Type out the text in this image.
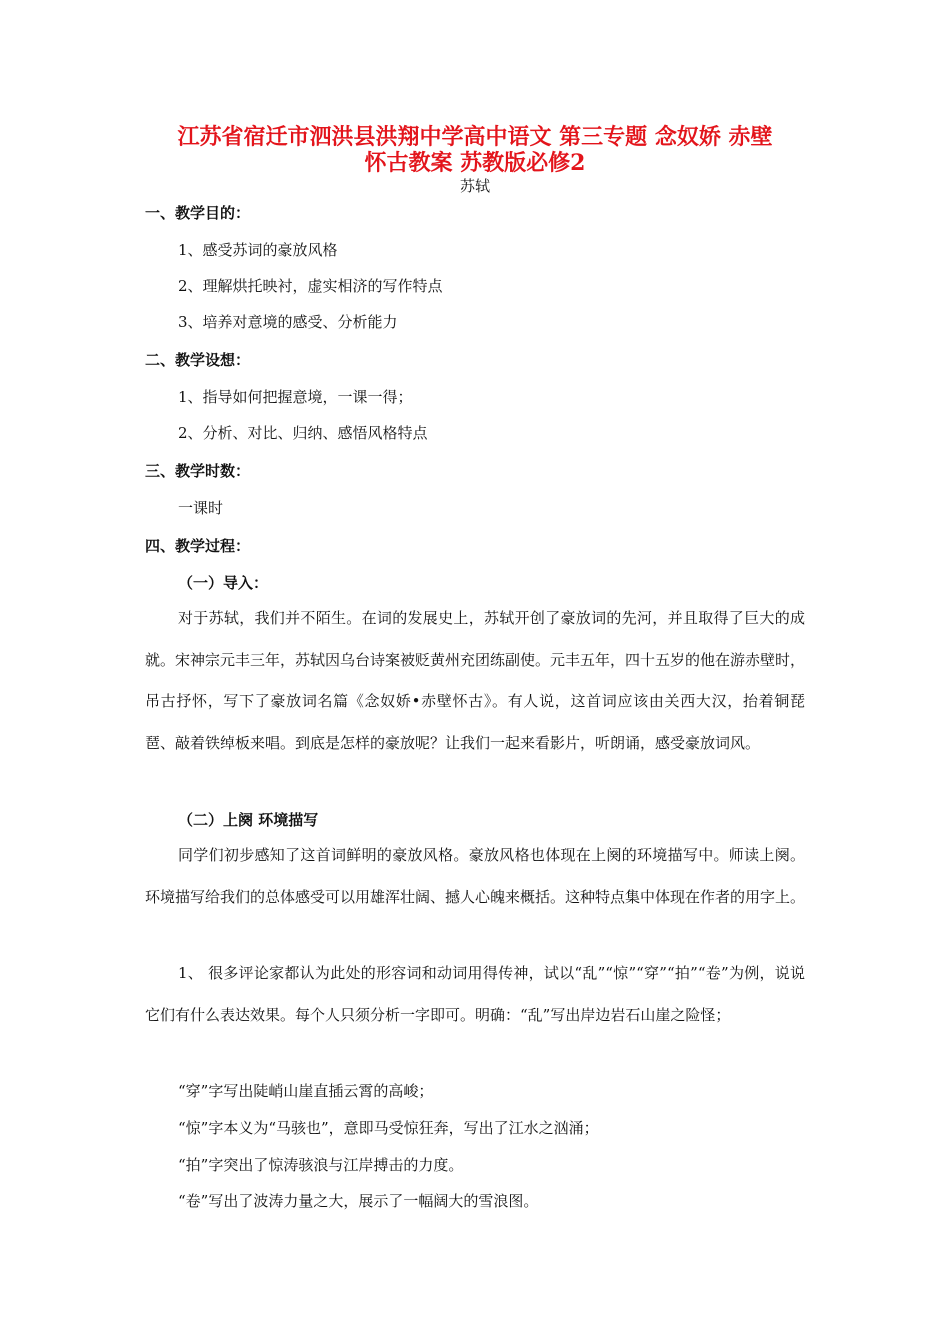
江苏省宿迁市泗洪县洪翔中学高中语文 第三专题 念奴娇 赤壁
怀古教案 苏教版必修2
苏轼
一、教学目的：
1、感受苏词的豪放风格
2、理解烘托映衬，虚实相济的写作特点
3、培养对意境的感受、分析能力
二、教学设想：
1、指导如何把握意境，一课一得；
2、分析、对比、归纳、感悟风格特点
三、教学时数：
一课时
四、教学过程：
（一）导入：

对于苏轼，我们并不陌生。在词的发展史上，苏轼开创了豪放词的先河，并且取得了巨大的成就。宋神宗元丰三年，苏轼因乌台诗案被贬黄州充团练副使。元丰五年，四十五岁的他在游赤壁时，吊古抒怀，写下了豪放词名篇《念奴娇•赤壁怀古》。有人说，这首词应该由关西大汉，抬着铜琵琶、敲着铁绰板来唱。到底是怎样的豪放呢？让我们一起来看影片，听朗诵，感受豪放词风。

（二）上阕 环境描写

同学们初步感知了这首词鲜明的豪放风格。豪放风格也体现在上阕的环境描写中。师读上阕。环境描写给我们的总体感受可以用雄浑壮阔、撼人心魄来概括。这种特点集中体现在作者的用字上。

1、 很多评论家都认为此处的形容词和动词用得传神，试以“乱”“惊”“穿”“拍”“卷”为例，说说它们有什么表达效果。每个人只须分析一字即可。明确：“乱”写出岸边岩石山崖之险怪；

“穿”字写出陡峭山崖直插云霄的高峻；
“惊”字本义为“马骇也”，意即马受惊狂奔，写出了江水之汹涌；
“拍”字突出了惊涛骇浪与江岸搏击的力度。
“卷”写出了波涛力量之大，展示了一幅阔大的雪浪图。
